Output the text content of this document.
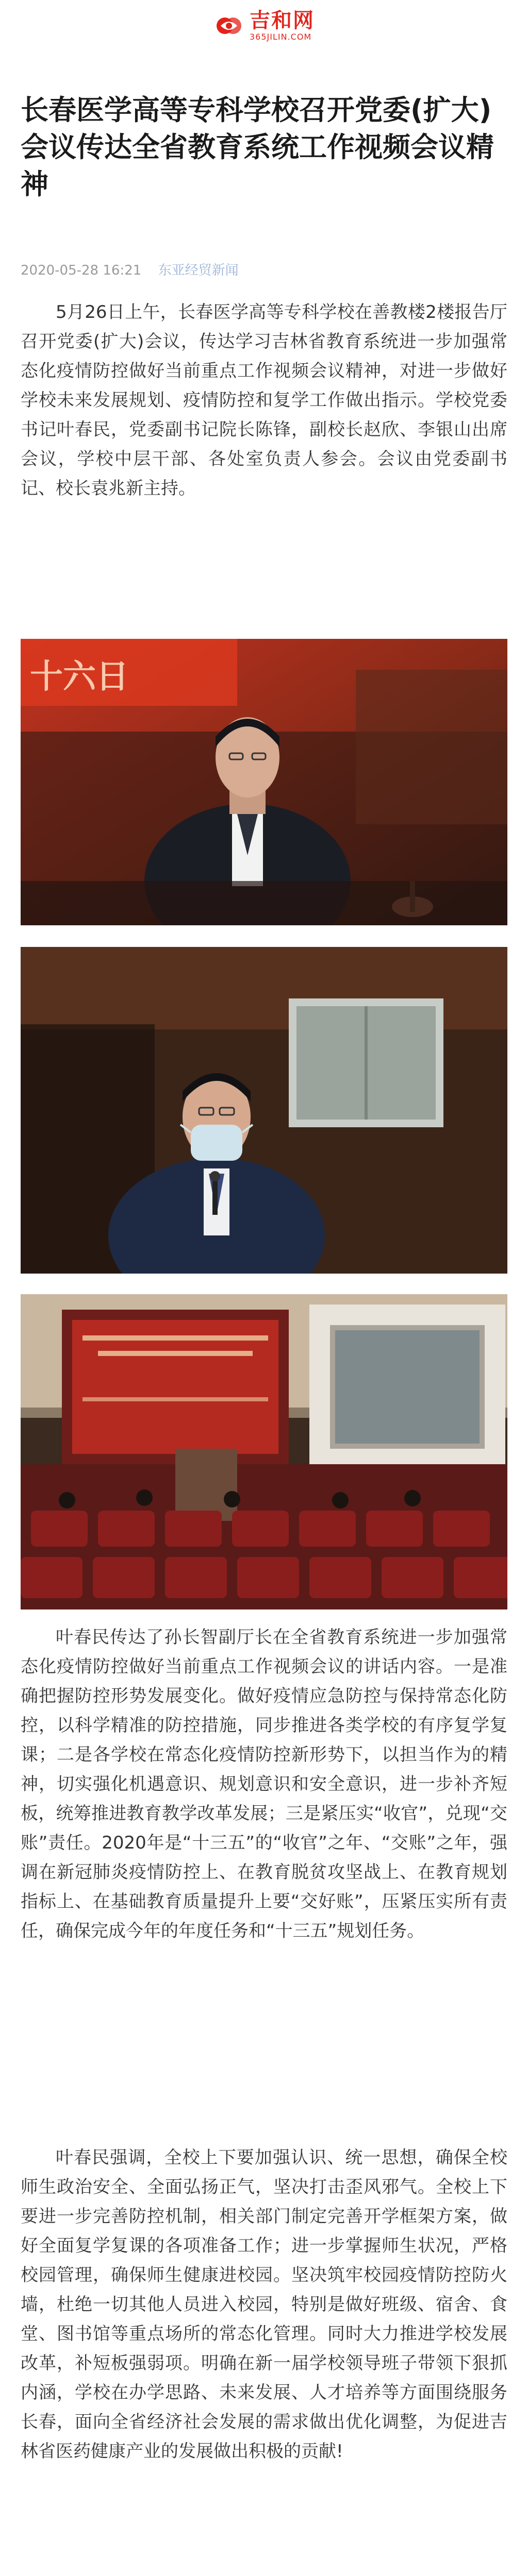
吉和网
365JILIN.COM
长春医学高等专科学校召开党委(扩大)会议传达全省教育系统工作视频会议精神
2020-05-28 16:21 东亚经贸新闻

5月26日上午，长春医学高等专科学校在善教楼2楼报告厅召开党委(扩大)会议，传达学习吉林省教育系统进一步加强常态化疫情防控做好当前重点工作视频会议精神，对进一步做好学校未来发展规划、疫情防控和复学工作做出指示。学校党委书记叶春民，党委副书记院长陈锋，副校长赵欣、李银山出席会议，学校中层干部、各处室负责人参会。会议由党委副书记、校长袁兆新主持。

十六日

叶春民传达了孙长智副厅长在全省教育系统进一步加强常态化疫情防控做好当前重点工作视频会议的讲话内容。一是准确把握防控形势发展变化。做好疫情应急防控与保持常态化防控，以科学精准的防控措施，同步推进各类学校的有序复学复课；二是各学校在常态化疫情防控新形势下，以担当作为的精神，切实强化机遇意识、规划意识和安全意识，进一步补齐短板，统筹推进教育教学改革发展；三是紧压实“收官”，兑现“交账”责任。2020年是“十三五”的“收官”之年、“交账”之年，强调在新冠肺炎疫情防控上、在教育脱贫攻坚战上、在教育规划指标上、在基础教育质量提升上要“交好账”，压紧压实所有责任，确保完成今年的年度任务和“十三五”规划任务。

叶春民强调，全校上下要加强认识、统一思想，确保全校师生政治安全、全面弘扬正气，坚决打击歪风邪气。全校上下要进一步完善防控机制，相关部门制定完善开学框架方案，做好全面复学复课的各项准备工作；进一步掌握师生状况，严格校园管理，确保师生健康进校园。坚决筑牢校园疫情防控防火墙，杜绝一切其他人员进入校园，特别是做好班级、宿舍、食堂、图书馆等重点场所的常态化管理。同时大力推进学校发展改革，补短板强弱项。明确在新一届学校领导班子带领下狠抓内涵，学校在办学思路、未来发展、人才培养等方面围绕服务长春，面向全省经济社会发展的需求做出优化调整，为促进吉林省医药健康产业的发展做出积极的贡献!
